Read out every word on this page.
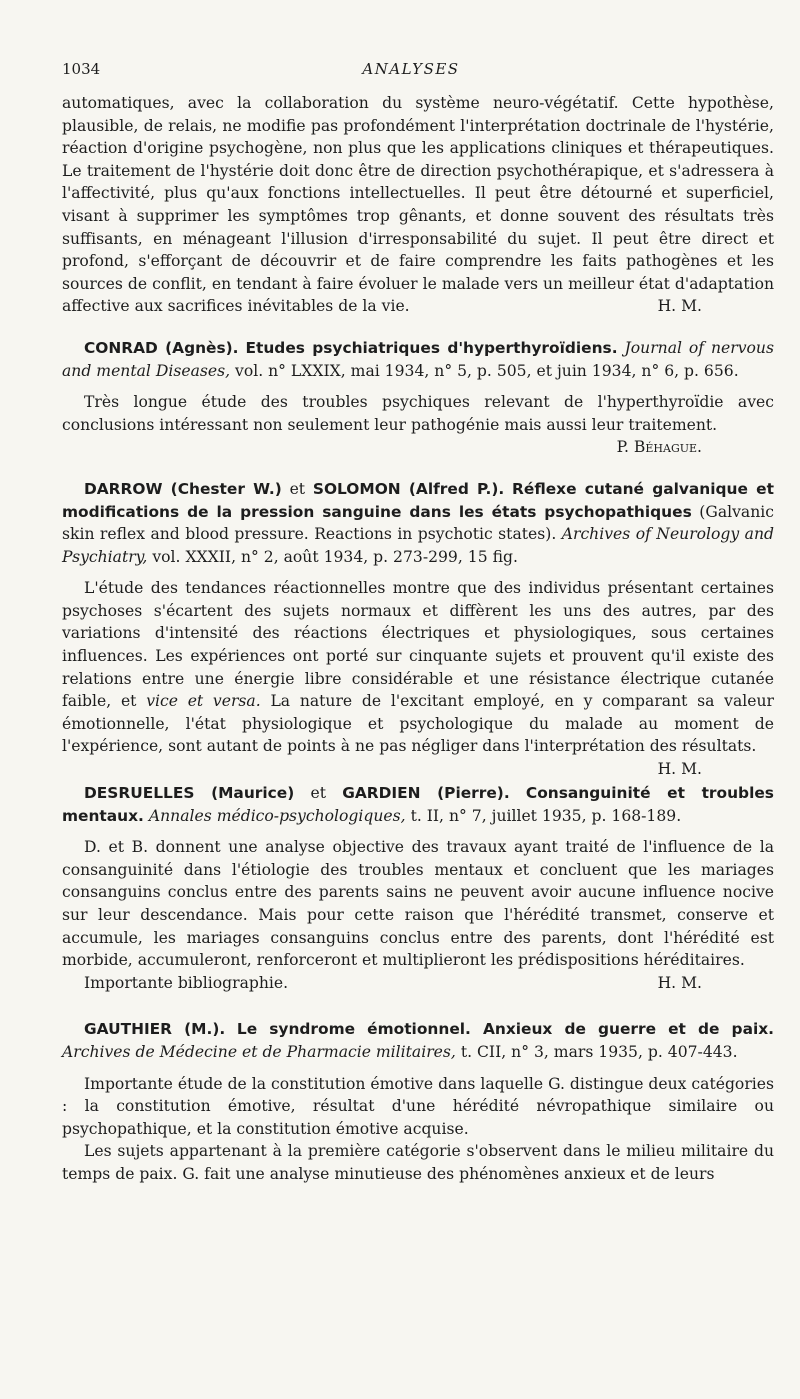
1034	ANALYSES

automatiques, avec la collaboration du système neuro-végétatif. Cette hypothèse, plausible, de relais, ne modifie pas profondément l'interprétation doctrinale de l'hystérie, réaction d'origine psychogène, non plus que les applications cliniques et thérapeutiques. Le traitement de l'hystérie doit donc être de direction psychothérapique, et s'adressera à l'affectivité, plus qu'aux fonctions intellectuelles. Il peut être détourné et superficiel, visant à supprimer les symptômes trop gênants, et donne souvent des résultats très suffisants, en ménageant l'illusion d'irresponsabilité du sujet. Il peut être direct et profond, s'efforçant de découvrir et de faire comprendre les faits pathogènes et les sources de conflit, en tendant à faire évoluer le malade vers un meilleur état d'adaptation affective aux sacrifices inévitables de la vie.	H. M.

CONRAD (Agnès). Etudes psychiatriques d'hyperthyroïdiens. Journal of nervous and mental Diseases, vol. n° LXXIX, mai 1934, n° 5, p. 505, et juin 1934, n° 6, p. 656.

Très longue étude des troubles psychiques relevant de l'hyperthyroïdie avec conclusions intéressant non seulement leur pathogénie mais aussi leur traitement.

P. Béhague.

DARROW (Chester W.) et SOLOMON (Alfred P.). Réflexe cutané galvanique et modifications de la pression sanguine dans les états psychopathiques (Galvanic skin reflex and blood pressure. Reactions in psychotic states). Archives of Neurology and Psychiatry, vol. XXXII, n° 2, août 1934, p. 273-299, 15 fig.

L'étude des tendances réactionnelles montre que des individus présentant certaines psychoses s'écartent des sujets normaux et diffèrent les uns des autres, par des variations d'intensité des réactions électriques et physiologiques, sous certaines influences. Les expériences ont porté sur cinquante sujets et prouvent qu'il existe des relations entre une énergie libre considérable et une résistance électrique cutanée faible, et vice et versa. La nature de l'excitant employé, en y comparant sa valeur émotionnelle, l'état physiologique et psychologique du malade au moment de l'expérience, sont autant de points à ne pas négliger dans l'interprétation des résultats.
H. M.

DESRUELLES (Maurice) et GARDIEN (Pierre). Consanguinité et troubles mentaux. Annales médico-psychologiques, t. II, n° 7, juillet 1935, p. 168-189.

D. et B. donnent une analyse objective des travaux ayant traité de l'influence de la consanguinité dans l'étiologie des troubles mentaux et concluent que les mariages consanguins conclus entre des parents sains ne peuvent avoir aucune influence nocive sur leur descendance. Mais pour cette raison que l'hérédité transmet, conserve et accumule, les mariages consanguins conclus entre des parents, dont l'hérédité est morbide, accumuleront, renforceront et multiplieront les prédispositions héréditaires.

Importante bibliographie.	H. M.

GAUTHIER (M.). Le syndrome émotionnel. Anxieux de guerre et de paix. Archives de Médecine et de Pharmacie militaires, t. CII, n° 3, mars 1935, p. 407-443.

Importante étude de la constitution émotive dans laquelle G. distingue deux catégories : la constitution émotive, résultat d'une hérédité névropathique similaire ou psychopathique, et la constitution émotive acquise.

Les sujets appartenant à la première catégorie s'observent dans le milieu militaire du temps de paix. G. fait une analyse minutieuse des phénomènes anxieux et de leurs
